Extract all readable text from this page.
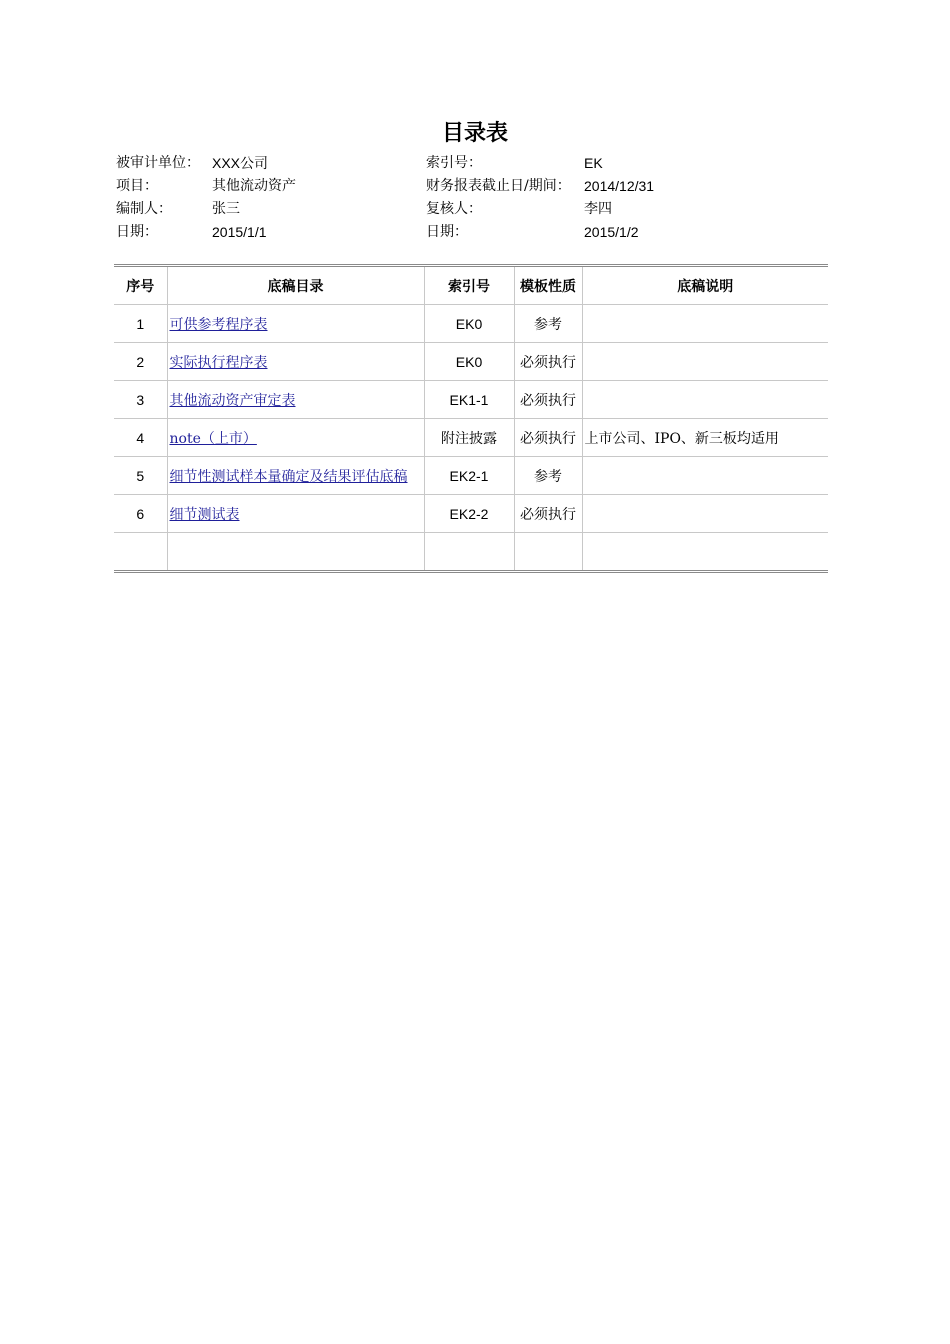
目录表
被审计单位： XXX公司	索引号：	EK
项目：	其他流动资产	财务报表截止日/期间： 2014/12/31
编制人：	张三	复核人：	李四
日期：	2015/1/1	日期：	2015/1/2
序号	底稿目录	索引号	模板性质	底稿说明
1	可供参考程序表	EK0	参考	
2	实际执行程序表	EK0	必须执行	
3	其他流动资产审定表	EK1-1	必须执行	
4	note（上市）	附注披露	必须执行	上市公司、IPO、新三板均适用
5	细节性测试样本量确定及结果评估底稿	EK2-1	参考	
6	细节测试表	EK2-2	必须执行	
